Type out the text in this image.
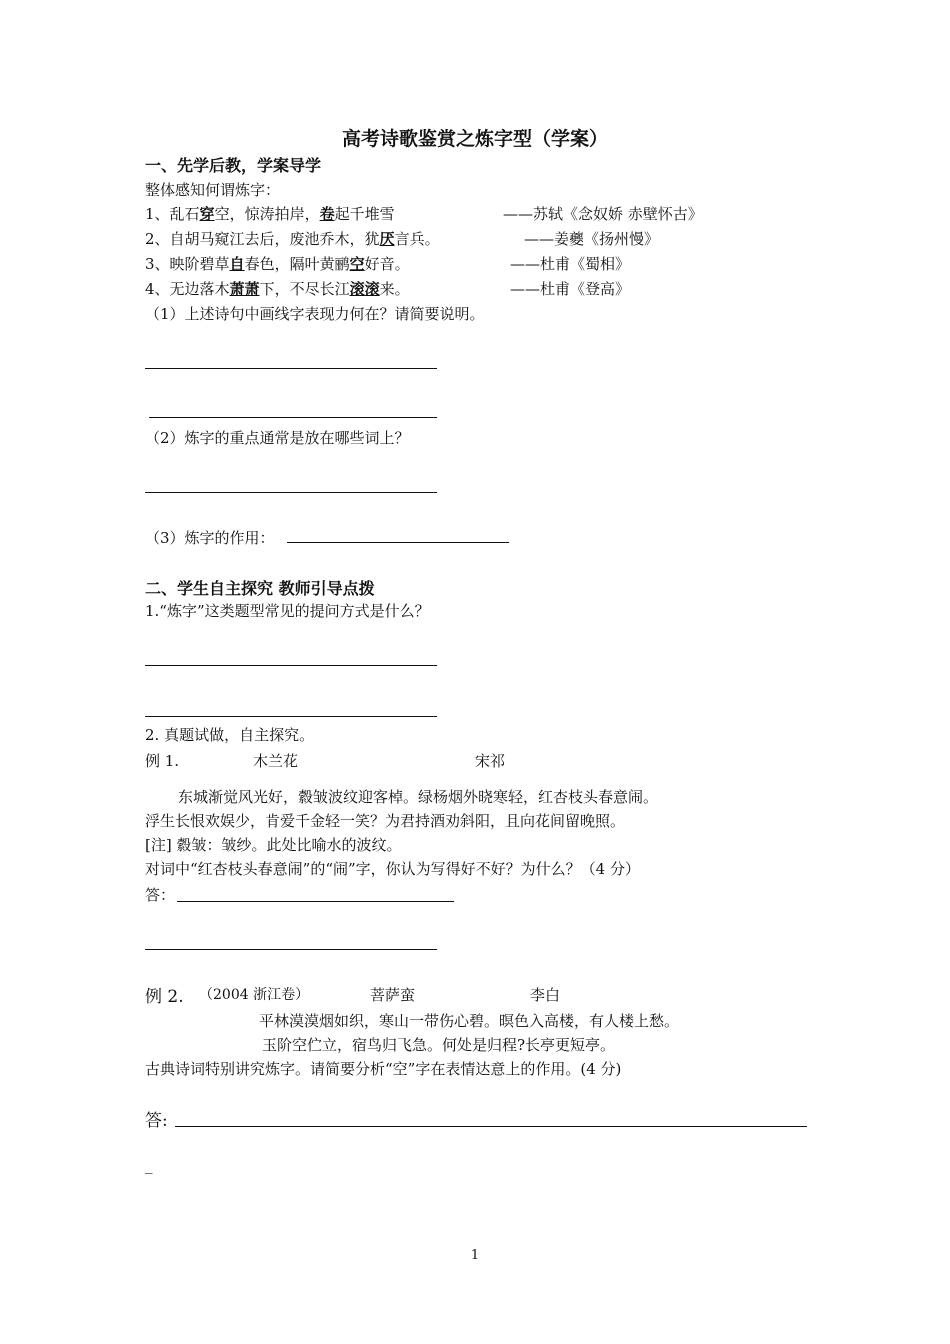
高考诗歌鉴赏之炼字型（学案）
一、先学后教，学案导学
整体感知何谓炼字：
1、乱石穿空，惊涛拍岸，卷起千堆雪	——苏轼《念奴娇 赤壁怀古》
2、自胡马窥江去后，废池乔木，犹厌言兵。	——姜夔《扬州慢》
3、映阶碧草自春色，隔叶黄鹂空好音。	——杜甫《蜀相》
4、无边落木萧萧下，不尽长江滚滚来。	——杜甫《登高》
（1）上述诗句中画线字表现力何在？请简要说明。
（2）炼字的重点通常是放在哪些词上？
（3）炼字的作用：
二、学生自主探究 教师引导点拨
1.“炼字”这类题型常见的提问方式是什么？
2. 真题试做，自主探究。
例 1.	木兰花	宋祁
东城渐觉风光好，縠皱波纹迎客棹。绿杨烟外晓寒轻，红杏枝头春意闹。
浮生长恨欢娱少，肯爱千金轻一笑？为君持酒劝斜阳，且向花间留晚照。
[注] 縠皱：皱纱。此处比喻水的波纹。
对词中“红杏枝头春意闹”的“闹”字，你认为写得好不好？为什么？（4 分）
答：
例 2. （2004 浙江卷）	菩萨蛮	李白
平林漠漠烟如织，寒山一带伤心碧。暝色入高楼，有人楼上愁。
玉阶空伫立，宿鸟归飞急。何处是归程?长亭更短亭。
古典诗词特别讲究炼字。请简要分析“空”字在表情达意上的作用。(4 分)
答:
_
1
